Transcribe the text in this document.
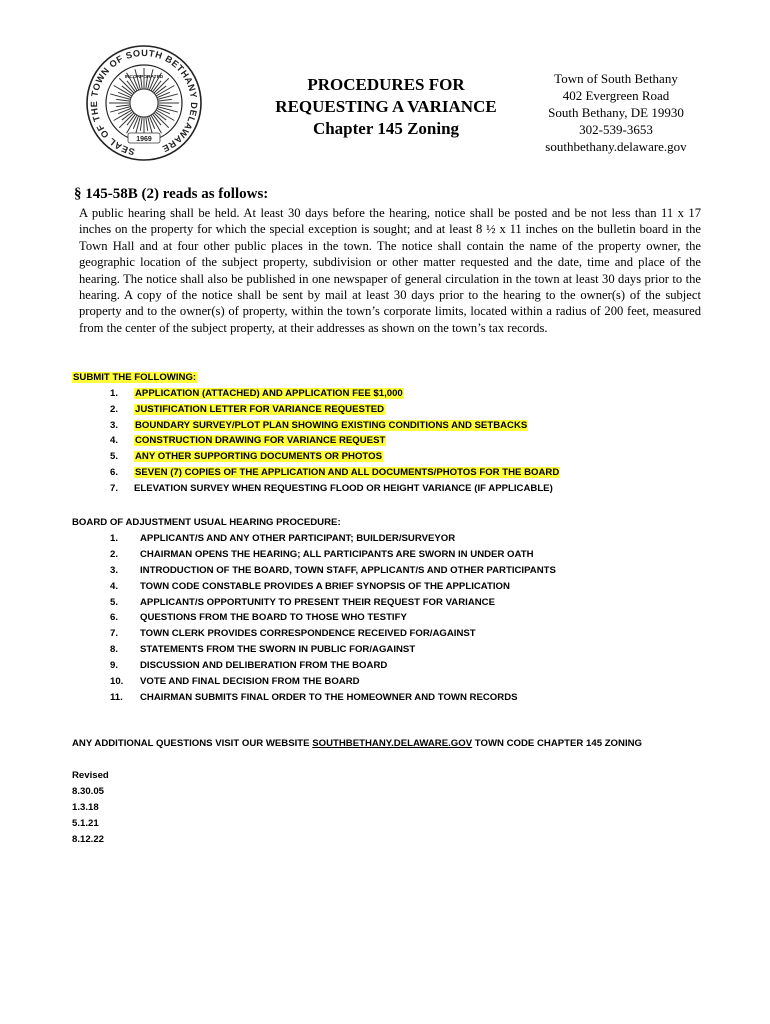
SEAL OF THE TOWN OF SOUTH BETHANY DELAWARE
INCORPORATED
1969
PROCEDURES FOR
REQUESTING A VARIANCE
Chapter 145 Zoning
Town of South Bethany
402 Evergreen Road
South Bethany, DE 19930
302-539-3653
southbethany.delaware.gov
§ 145-58B (2) reads as follows:

A public hearing shall be held. At least 30 days before the hearing, notice shall be posted and be not less than 11 x 17 inches on the property for which the special exception is sought; and at least 8 ½ x 11 inches on the bulletin board in the Town Hall and at four other public places in the town. The notice shall contain the name of the property owner, the geographic location of the subject property, subdivision or other matter requested and the date, time and place of the hearing. The notice shall also be published in one newspaper of general circulation in the town at least 30 days prior to the hearing. A copy of the notice shall be sent by mail at least 30 days prior to the hearing to the owner(s) of the subject property and to the owner(s) of property, within the town’s corporate limits, located within a radius of 200 feet, measured from the center of the subject property, at their addresses as shown on the town’s tax records.

SUBMIT THE FOLLOWING:
1. APPLICATION (ATTACHED) AND APPLICATION FEE $1,000
2. JUSTIFICATION LETTER FOR VARIANCE REQUESTED
3. BOUNDARY SURVEY/PLOT PLAN SHOWING EXISTING CONDITIONS AND SETBACKS
4. CONSTRUCTION DRAWING FOR VARIANCE REQUEST
5. ANY OTHER SUPPORTING DOCUMENTS OR PHOTOS
6. SEVEN (7) COPIES OF THE APPLICATION AND ALL DOCUMENTS/PHOTOS FOR THE BOARD
7. ELEVATION SURVEY WHEN REQUESTING FLOOD OR HEIGHT VARIANCE (IF APPLICABLE)
BOARD OF ADJUSTMENT USUAL HEARING PROCEDURE:
1. APPLICANT/S AND ANY OTHER PARTICIPANT; BUILDER/SURVEYOR
2. CHAIRMAN OPENS THE HEARING; ALL PARTICIPANTS ARE SWORN IN UNDER OATH
3. INTRODUCTION OF THE BOARD, TOWN STAFF, APPLICANT/S AND OTHER PARTICIPANTS
4. TOWN CODE CONSTABLE PROVIDES A BRIEF SYNOPSIS OF THE APPLICATION
5. APPLICANT/S OPPORTUNITY TO PRESENT THEIR REQUEST FOR VARIANCE
6. QUESTIONS FROM THE BOARD TO THOSE WHO TESTIFY
7. TOWN CLERK PROVIDES CORRESPONDENCE RECEIVED FOR/AGAINST
8. STATEMENTS FROM THE SWORN IN PUBLIC FOR/AGAINST
9. DISCUSSION AND DELIBERATION FROM THE BOARD
10. VOTE AND FINAL DECISION FROM THE BOARD
11. CHAIRMAN SUBMITS FINAL ORDER TO THE HOMEOWNER AND TOWN RECORDS
ANY ADDITIONAL QUESTIONS VISIT OUR WEBSITE SOUTHBETHANY.DELAWARE.GOV TOWN CODE CHAPTER 145 ZONING
Revised
8.30.05
1.3.18
5.1.21
8.12.22
